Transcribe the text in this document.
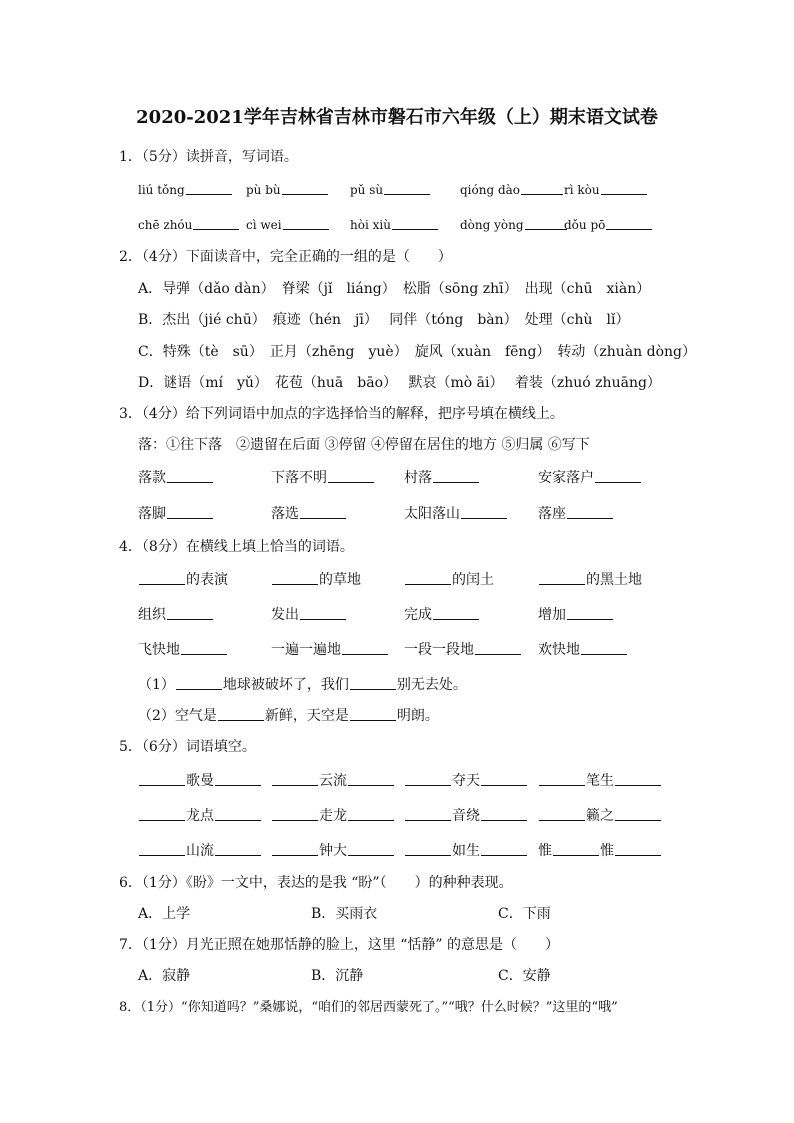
2020-2021学年吉林省吉林市磐石市六年级（上）期末语文试卷
1．（5分）读拼音，写词语。
liú tǒng	pù bù	pǔ sù	qióng dào	rì kòu
chē zhóu	cì wei	hòi xiù	dòng yòng	dǒu pō
2．（4分）下面读音中，完全正确的一组的是（　　）
A．导弹（dǎo dàn）　脊梁（jǐ　liáng）　松脂（sōng zhī）　出现（chū　xiàn）
B．杰出（jié chū）　痕迹（hén　jī）　 同伴（tóng　bàn）　处理（chù　lǐ）
C．特殊（tè　sū）　正月（zhēng　yuè）　旋风（xuàn　fēng）　转动（zhuàn dòng）
D．谜语（mí　yǔ）　花苞（huā　bāo）　 默哀（mò āi）　 着装（zhuó zhuāng）
3．（4分）给下列词语中加点的字选择恰当的解释，把序号填在横线上。
落：①往下落　②遗留在后面 ③停留 ④停留在居住的地方 ⑤归属 ⑥写下
落款	下落不明	村落	安家落户
落脚	落选	太阳落山	落座
4．（8分）在横线上填上恰当的词语。
的表演	的草地	的闰土	的黑土地
组织	发出	完成	增加
飞快地	一遍一遍地	一段一段地	欢快地
（1）	地球被破坏了，我们	别无去处。
（2）空气是	新鲜，天空是	明朗。
5．（6分）词语填空。
歌曼	云流	夺天	笔生
龙点	走龙	音绕	籁之
山流	钟大	如生	惟	惟
6．（1分）《盼》一文中，表达的是我 “盼”（　　）的种种表现。
A．上学	B．买雨衣	C．下雨
7．（1分）月光正照在她那恬静的脸上，这里 “恬静” 的意思是（　　）
A．寂静	B．沉静	C．安静
8．（1分）“你知道吗？”桑娜说，“咱们的邻居西蒙死了。”“哦？什么时候？”这里的“哦”
